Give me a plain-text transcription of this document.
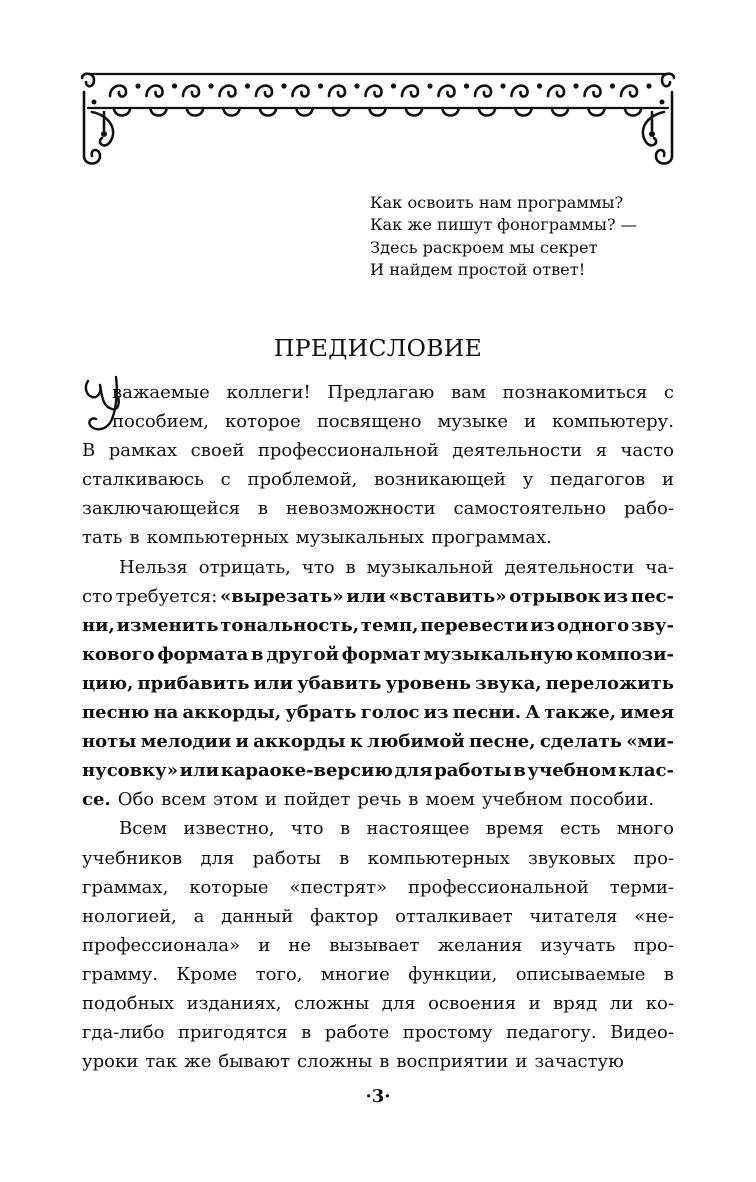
Как освоить нам программы?
Как же пишут фонограммы? —
Здесь раскроем мы секрет
И найдем простой ответ!
ПРЕДИСЛОВИЕ
важаемые коллеги! Предлагаю вам познакомиться с
пособием, которое посвящено музыке и компьютеру.
В рамках своей профессиональной деятельности я часто
сталкиваюсь с проблемой, возникающей у педагогов и
заключающейся в невозможности самостоятельно рабо-
тать в компьютерных музыкальных программах.
Нельзя отрицать, что в музыкальной деятельности ча-
сто требуется: «вырезать» или «вставить» отрывок из пес-
ни, изменить тональность, темп, перевести из одного зву-
кового формата в другой формат музыкальную компози-
цию, прибавить или убавить уровень звука, переложить
песню на аккорды, убрать голос из песни. А также, имея
ноты мелодии и аккорды к любимой песне, сделать «ми-
нусовку» или караоке-версию для работы в учебном клас-
се. Обо всем этом и пойдет речь в моем учебном пособии.
Всем известно, что в настоящее время есть много
учебников для работы в компьютерных звуковых про-
граммах, которые «пестрят» профессиональной терми-
нологией, а данный фактор отталкивает читателя «не-
профессионала» и не вызывает желания изучать про-
грамму. Кроме того, многие функции, описываемые в
подобных изданиях, сложны для освоения и вряд ли ко-
гда-либо пригодятся в работе простому педагогу. Видео-
уроки так же бывают сложны в восприятии и зачастую
·3·
